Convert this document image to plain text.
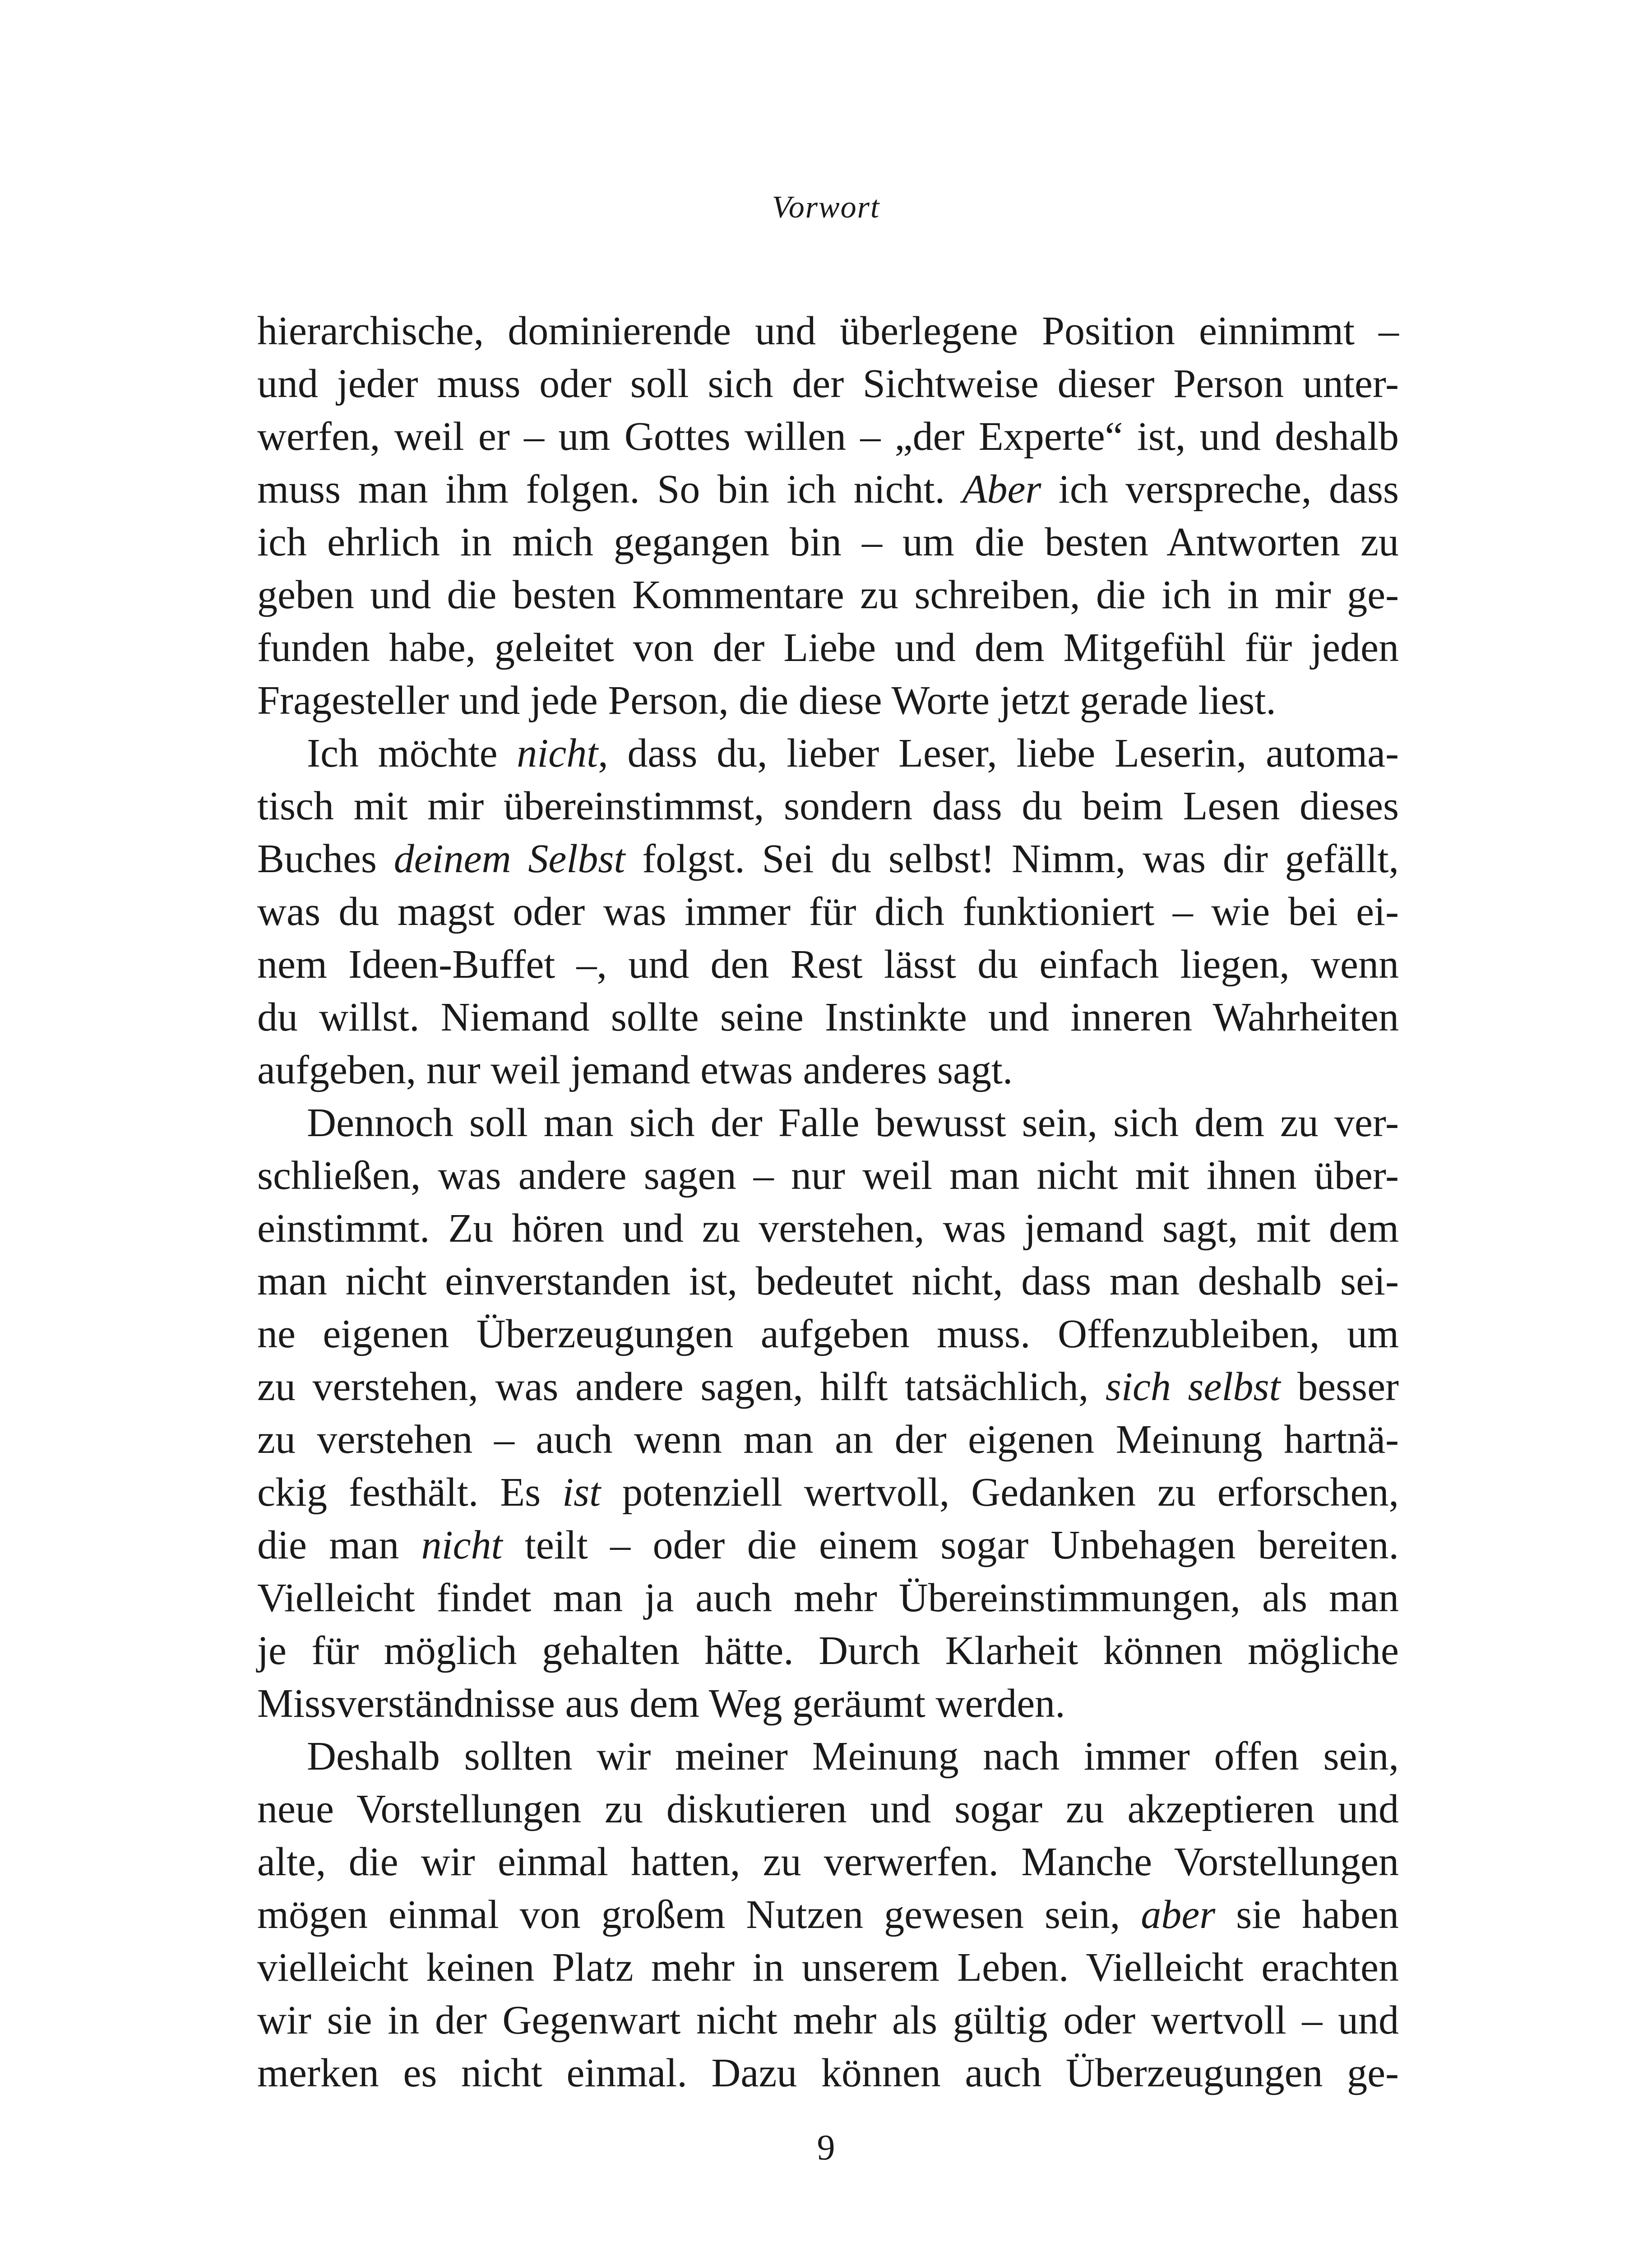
Vorwort
hierarchische, dominierende und überlegene Position einnimmt –
und jeder muss oder soll sich der Sichtweise dieser Person unter-
werfen, weil er – um Gottes willen – „der Experte“ ist, und deshalb
muss man ihm folgen. So bin ich nicht. Aber ich verspreche, dass
ich ehrlich in mich gegangen bin – um die besten Antworten zu
geben und die besten Kommentare zu schreiben, die ich in mir ge-
funden habe, geleitet von der Liebe und dem Mitgefühl für jeden
Fragesteller und jede Person, die diese Worte jetzt gerade liest.
Ich möchte nicht, dass du, lieber Leser, liebe Leserin, automa-
tisch mit mir übereinstimmst, sondern dass du beim Lesen dieses
Buches deinem Selbst folgst. Sei du selbst! Nimm, was dir gefällt,
was du magst oder was immer für dich funktioniert – wie bei ei-
nem Ideen-Buffet –, und den Rest lässt du einfach liegen, wenn
du willst. Niemand sollte seine Instinkte und inneren Wahrheiten
aufgeben, nur weil jemand etwas anderes sagt.
Dennoch soll man sich der Falle bewusst sein, sich dem zu ver-
schließen, was andere sagen – nur weil man nicht mit ihnen über-
einstimmt. Zu hören und zu verstehen, was jemand sagt, mit dem
man nicht einverstanden ist, bedeutet nicht, dass man deshalb sei-
ne eigenen Überzeugungen aufgeben muss. Offenzubleiben, um
zu verstehen, was andere sagen, hilft tatsächlich, sich selbst besser
zu verstehen – auch wenn man an der eigenen Meinung hartnä-
ckig festhält. Es ist potenziell wertvoll, Gedanken zu erforschen,
die man nicht teilt – oder die einem sogar Unbehagen bereiten.
Vielleicht findet man ja auch mehr Übereinstimmungen, als man
je für möglich gehalten hätte. Durch Klarheit können mögliche
Missverständnisse aus dem Weg geräumt werden.
Deshalb sollten wir meiner Meinung nach immer offen sein,
neue Vorstellungen zu diskutieren und sogar zu akzeptieren und
alte, die wir einmal hatten, zu verwerfen. Manche Vorstellungen
mögen einmal von großem Nutzen gewesen sein, aber sie haben
vielleicht keinen Platz mehr in unserem Leben. Vielleicht erachten
wir sie in der Gegenwart nicht mehr als gültig oder wertvoll – und
merken es nicht einmal. Dazu können auch Überzeugungen ge-
9
